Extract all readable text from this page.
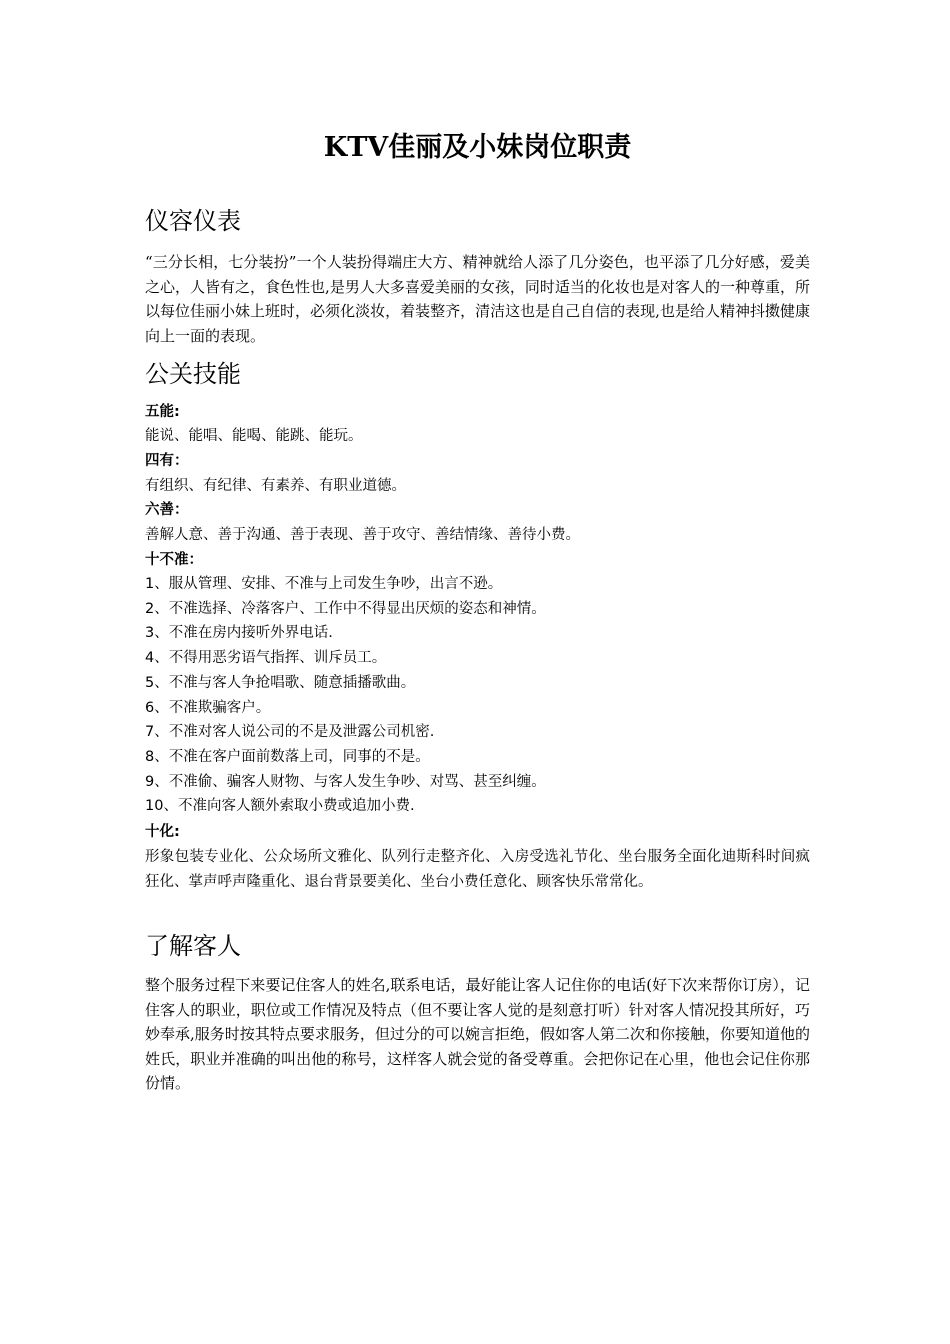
KTV佳丽及小妹岗位职责
仪容仪表

“三分长相，七分装扮”一个人装扮得端庄大方、精神就给人添了几分姿色，也平添了几分好感，爱美之心，人皆有之，食色性也,是男人大多喜爱美丽的女孩，同时适当的化妆也是对客人的一种尊重，所以每位佳丽小妹上班时，必须化淡妆，着装整齐，清洁这也是自己自信的表现,也是给人精神抖擞健康向上一面的表现。

公关技能

五能:

能说、能唱、能喝、能跳、能玩。

四有：

有组织、有纪律、有素养、有职业道德。

六善：

善解人意、善于沟通、善于表现、善于攻守、善结情缘、善待小费。

十不准：

1、服从管理、安排、不准与上司发生争吵，出言不逊。
2、不准选择、冷落客户、工作中不得显出厌烦的姿态和神情。
3、不准在房内接听外界电话.
4、不得用恶劣语气指挥、训斥员工。
5、不准与客人争抢唱歌、随意插播歌曲。
6、不准欺骗客户。
7、不准对客人说公司的不是及泄露公司机密.
8、不准在客户面前数落上司，同事的不是。
9、不准偷、骗客人财物、与客人发生争吵、对骂、甚至纠缠。
10、不准向客人额外索取小费或追加小费.

十化:

形象包装专业化、公众场所文雅化、队列行走整齐化、入房受选礼节化、坐台服务全面化迪斯科时间疯狂化、掌声呼声隆重化、退台背景要美化、坐台小费任意化、顾客快乐常常化。

了解客人

整个服务过程下来要记住客人的姓名,联系电话，最好能让客人记住你的电话(好下次来帮你订房），记住客人的职业，职位或工作情况及特点（但不要让客人觉的是刻意打听）针对客人情况投其所好，巧妙奉承,服务时按其特点要求服务，但过分的可以婉言拒绝，假如客人第二次和你接触，你要知道他的姓氏，职业并准确的叫出他的称号，这样客人就会觉的备受尊重。会把你记在心里，他也会记住你那份情。
